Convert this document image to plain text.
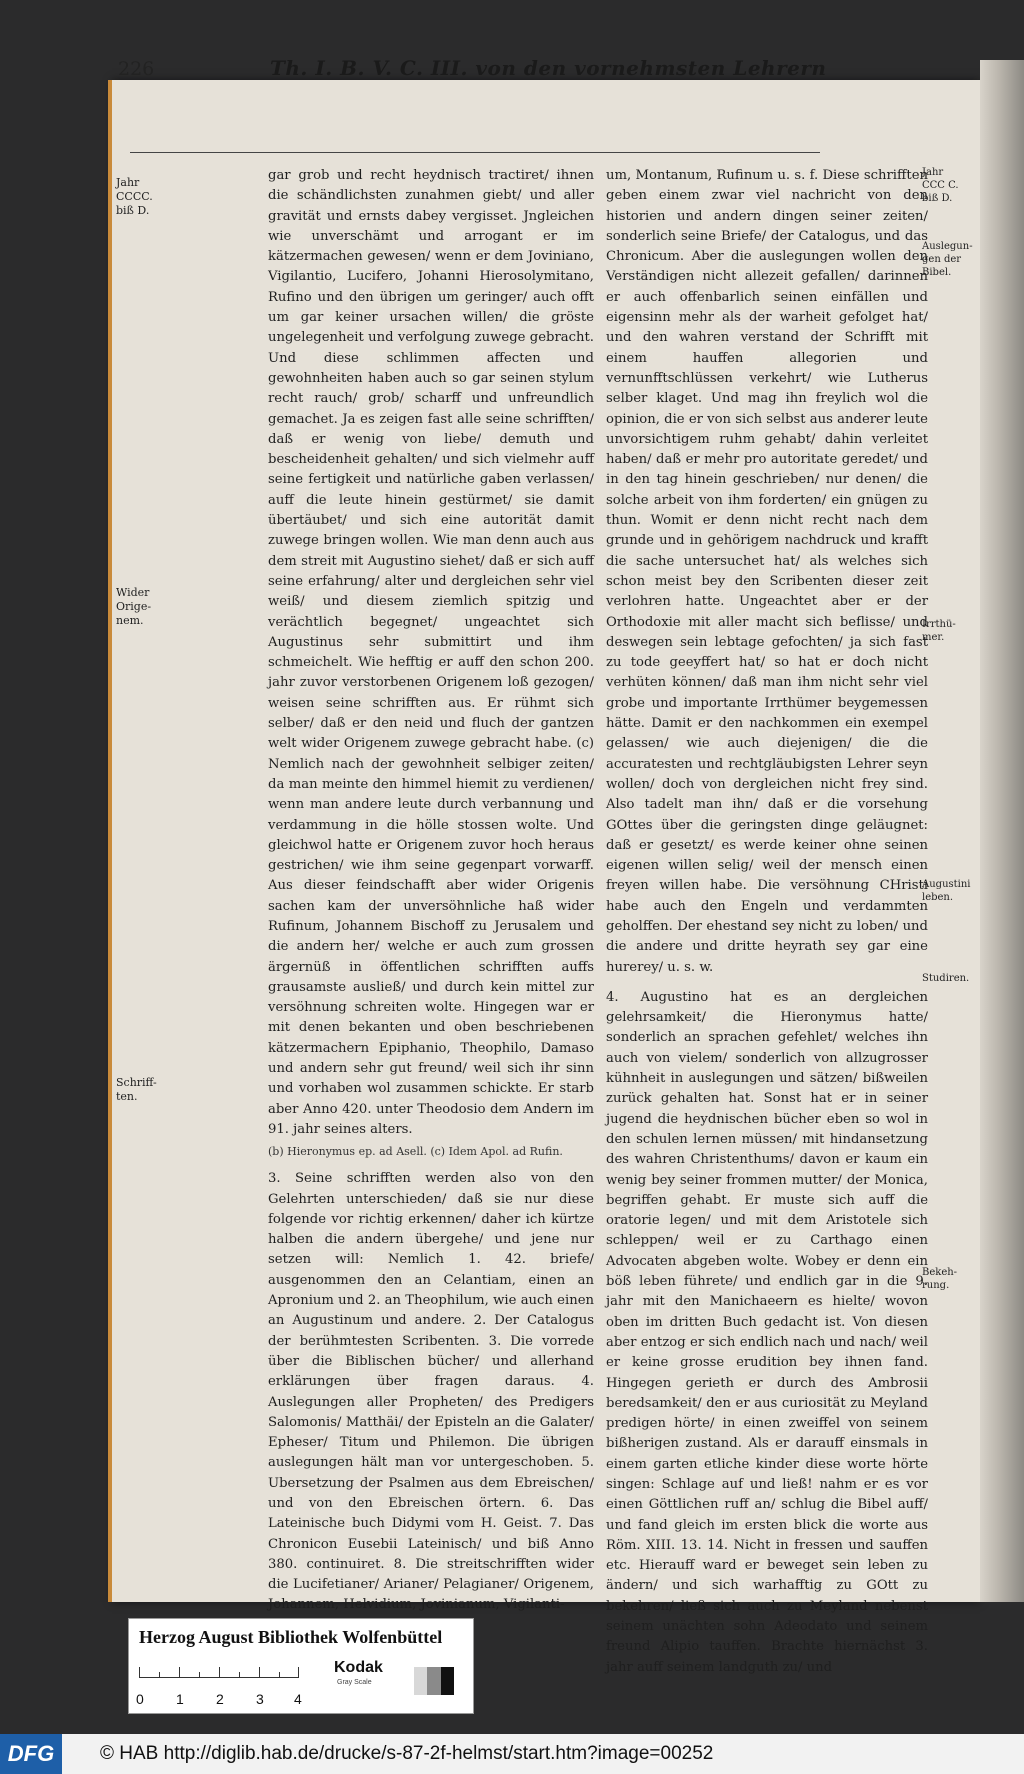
226	Th. I. B. V. C. III. von den vornehmsten Lehrern
Jahr CCCC. biß D.
Wider Orige-nem.
Schriff-ten.
Jahr CCC C. biß D.
Auslegun-gen der Bibel.
Irrthü-mer.
Augustini leben.
Studiren.
Bekeh-rung.

gar grob und recht heydnisch tractiret/ ihnen die schändlichsten zunahmen giebt/ und aller gravität und ernsts dabey vergisset. Jngleichen wie unverschämt und arrogant er im kätzermachen gewesen/ wenn er dem Joviniano, Vigilantio, Lucifero, Johanni Hierosolymitano, Rufino und den übrigen um geringer/ auch offt um gar keiner ursachen willen/ die gröste ungelegenheit und verfolgung zuwege gebracht. Und diese schlimmen affecten und gewohnheiten haben auch so gar seinen stylum recht rauch/ grob/ scharff und unfreundlich gemachet. Ja es zeigen fast alle seine schrifften/ daß er wenig von liebe/ demuth und bescheidenheit gehalten/ und sich vielmehr auff seine fertigkeit und natürliche gaben verlassen/ auff die leute hinein gestürmet/ sie damit übertäubet/ und sich eine autorität damit zuwege bringen wollen. Wie man denn auch aus dem streit mit Augustino siehet/ daß er sich auff seine erfahrung/ alter und dergleichen sehr viel weiß/ und diesem ziemlich spitzig und verächtlich begegnet/ ungeachtet sich Augustinus sehr submittirt und ihm schmeichelt. Wie hefftig er auff den schon 200. jahr zuvor verstorbenen Origenem loß gezogen/ weisen seine schrifften aus. Er rühmt sich selber/ daß er den neid und fluch der gantzen welt wider Origenem zuwege gebracht habe. (c) Nemlich nach der gewohnheit selbiger zeiten/ da man meinte den himmel hiemit zu verdienen/ wenn man andere leute durch verbannung und verdammung in die hölle stossen wolte. Und gleichwol hatte er Origenem zuvor hoch heraus gestrichen/ wie ihm seine gegenpart vorwarff. Aus dieser feindschafft aber wider Origenis sachen kam der unversöhnliche haß wider Rufinum, Johannem Bischoff zu Jerusalem und die andern her/ welche er auch zum grossen ärgernüß in öffentlichen schrifften auffs grausamste ausließ/ und durch kein mittel zur versöhnung schreiten wolte. Hingegen war er mit denen bekanten und oben beschriebenen kätzermachern Epiphanio, Theophilo, Damaso und andern sehr gut freund/ weil sich ihr sinn und vorhaben wol zusammen schickte. Er starb aber Anno 420. unter Theodosio dem Andern im 91. jahr seines alters.

(b) Hieronymus ep. ad Asell. (c) Idem Apol. ad Rufin.

3. Seine schrifften werden also von den Gelehrten unterschieden/ daß sie nur diese folgende vor richtig erkennen/ daher ich kürtze halben die andern übergehe/ und jene nur setzen will: Nemlich 1. 42. briefe/ ausgenommen den an Celantiam, einen an Apronium und 2. an Theophilum, wie auch einen an Augustinum und andere. 2. Der Catalogus der berühmtesten Scribenten. 3. Die vorrede über die Biblischen bücher/ und allerhand erklärungen über fragen daraus. 4. Auslegungen aller Propheten/ des Predigers Salomonis/ Matthäi/ der Episteln an die Galater/ Epheser/ Titum und Philemon. Die übrigen auslegungen hält man vor untergeschoben. 5. Ubersetzung der Psalmen aus dem Ebreischen/ und von den Ebreischen örtern. 6. Das Lateinische buch Didymi vom H. Geist. 7. Das Chronicon Eusebii Lateinisch/ und biß Anno 380. continuiret. 8. Die streitschrifften wider die Lucifetianer/ Arianer/ Pelagianer/ Origenem, Johannem, Helvidium, Jovinianum, Vigilanti-

um, Montanum, Rufinum u. s. f. Diese schrifften geben einem zwar viel nachricht von den historien und andern dingen seiner zeiten/ sonderlich seine Briefe/ der Catalogus, und das Chronicum. Aber die auslegungen wollen den Verständigen nicht allezeit gefallen/ darinnen er auch offenbarlich seinen einfällen und eigensinn mehr als der warheit gefolget hat/ und den wahren verstand der Schrifft mit einem hauffen allegorien und vernunfftschlüssen verkehrt/ wie Lutherus selber klaget. Und mag ihn freylich wol die opinion, die er von sich selbst aus anderer leute unvorsichtigem ruhm gehabt/ dahin verleitet haben/ daß er mehr pro autoritate geredet/ und in den tag hinein geschrieben/ nur denen/ die solche arbeit von ihm forderten/ ein gnügen zu thun. Womit er denn nicht recht nach dem grunde und in gehörigem nachdruck und krafft die sache untersuchet hat/ als welches sich schon meist bey den Scribenten dieser zeit verlohren hatte. Ungeachtet aber er der Orthodoxie mit aller macht sich beflisse/ und deswegen sein lebtage gefochten/ ja sich fast zu tode geeyffert hat/ so hat er doch nicht verhüten können/ daß man ihm nicht sehr viel grobe und importante Irrthümer beygemessen hätte. Damit er den nachkommen ein exempel gelassen/ wie auch diejenigen/ die die accuratesten und rechtgläubigsten Lehrer seyn wollen/ doch von dergleichen nicht frey sind. Also tadelt man ihn/ daß er die vorsehung GOttes über die geringsten dinge geläugnet: daß er gesetzt/ es werde keiner ohne seinen eigenen willen selig/ weil der mensch einen freyen willen habe. Die versöhnung CHristi habe auch den Engeln und verdammten geholffen. Der ehestand sey nicht zu loben/ und die andere und dritte heyrath sey gar eine hurerey/ u. s. w.

4. Augustino hat es an dergleichen gelehrsamkeit/ die Hieronymus hatte/ sonderlich an sprachen gefehlet/ welches ihn auch von vielem/ sonderlich von allzugrosser kühnheit in auslegungen und sätzen/ bißweilen zurück gehalten hat. Sonst hat er in seiner jugend die heydnischen bücher eben so wol in den schulen lernen müssen/ mit hindansetzung des wahren Christenthums/ davon er kaum ein wenig bey seiner frommen mutter/ der Monica, begriffen gehabt. Er muste sich auff die oratorie legen/ und mit dem Aristotele sich schleppen/ weil er zu Carthago einen Advocaten abgeben wolte. Wobey er denn ein böß leben führete/ und endlich gar in die 9. jahr mit den Manichaeern es hielte/ wovon oben im dritten Buch gedacht ist. Von diesen aber entzog er sich endlich nach und nach/ weil er keine grosse erudition bey ihnen fand. Hingegen gerieth er durch des Ambrosii beredsamkeit/ den er aus curiosität zu Meyland predigen hörte/ in einen zweiffel von seinem bißherigen zustand. Als er darauff einsmals in einem garten etliche kinder diese worte hörte singen: Schlage auf und ließ! nahm er es vor einen Göttlichen ruff an/ schlug die Bibel auff/ und fand gleich im ersten blick die worte aus Röm. XIII. 13. 14. Nicht in fressen und sauffen etc. Hierauff ward er beweget sein leben zu ändern/ und sich warhafftig zu GOtt zu bekehren/ ließ sich auch zu Meyland nebenst seinem unächten sohn Adeodato und seinem freund Alipio tauffen. Brachte hiernächst 3. jahr auff seinem landguth zu/ und

Herzog August Bibliothek Wolfenbüttel
0 1 2 3 4
Kodak
Gray Scale
DFG	© HAB http://diglib.hab.de/drucke/s-87-2f-helmst/start.htm?image=00252
